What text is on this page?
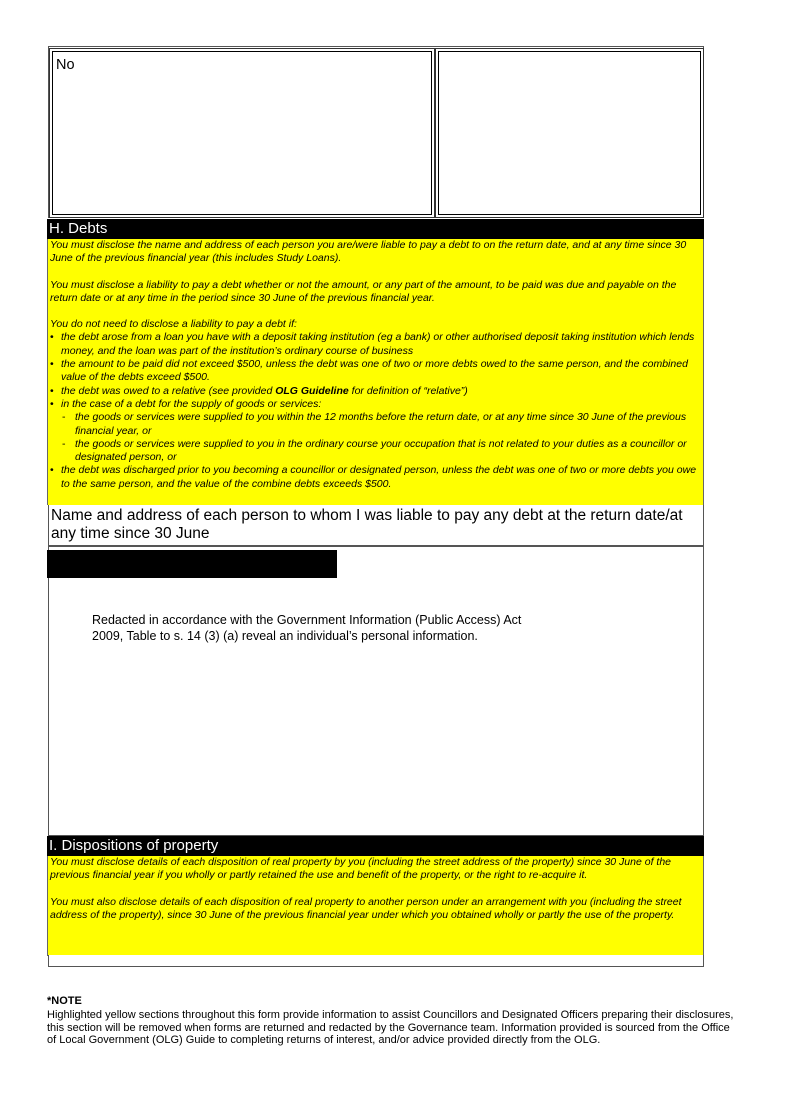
No
H. Debts

You must disclose the name and address of each person you are/were liable to pay a debt to on the return date, and at any time since 30 June of the previous financial year (this includes Study Loans).

You must disclose a liability to pay a debt whether or not the amount, or any part of the amount, to be paid was due and payable on the return date or at any time in the period since 30 June of the previous financial year.

You do not need to disclose a liability to pay a debt if:

• the debt arose from a loan you have with a deposit taking institution (eg a bank) or other authorised deposit taking institution which lends money, and the loan was part of the institution’s ordinary course of business
• the amount to be paid did not exceed $500, unless the debt was one of two or more debts owed to the same person, and the combined value of the debts exceed $500.
• the debt was owed to a relative (see provided OLG Guideline for definition of “relative”)
• in the case of a debt for the supply of goods or services:
- the goods or services were supplied to you within the 12 months before the return date, or at any time since 30 June of the previous financial year, or
- the goods or services were supplied to you in the ordinary course your occupation that is not related to your duties as a councillor or designated person, or
• the debt was discharged prior to you becoming a councillor or designated person, unless the debt was one of two or more debts you owe to the same person, and the value of the combine debts exceeds $500.
Name and address of each person to whom I was liable to pay any debt at the return date/at any time since 30 June
Redacted in accordance with the Government Information (Public Access) Act 2009, Table to s. 14 (3) (a) reveal an individual’s personal information.
I. Dispositions of property

You must disclose details of each disposition of real property by you (including the street address of the property) since 30 June of the previous financial year if you wholly or partly retained the use and benefit of the property, or the right to re-acquire it.

You must also disclose details of each disposition of real property to another person under an arrangement with you (including the street address of the property), since 30 June of the previous financial year under which you obtained wholly or partly the use of the property.

*NOTE
Highlighted yellow sections throughout this form provide information to assist Councillors and Designated Officers preparing their disclosures, this section will be removed when forms are returned and redacted by the Governance team. Information provided is sourced from the Office of Local Government (OLG) Guide to completing returns of interest, and/or advice provided directly from the OLG.
